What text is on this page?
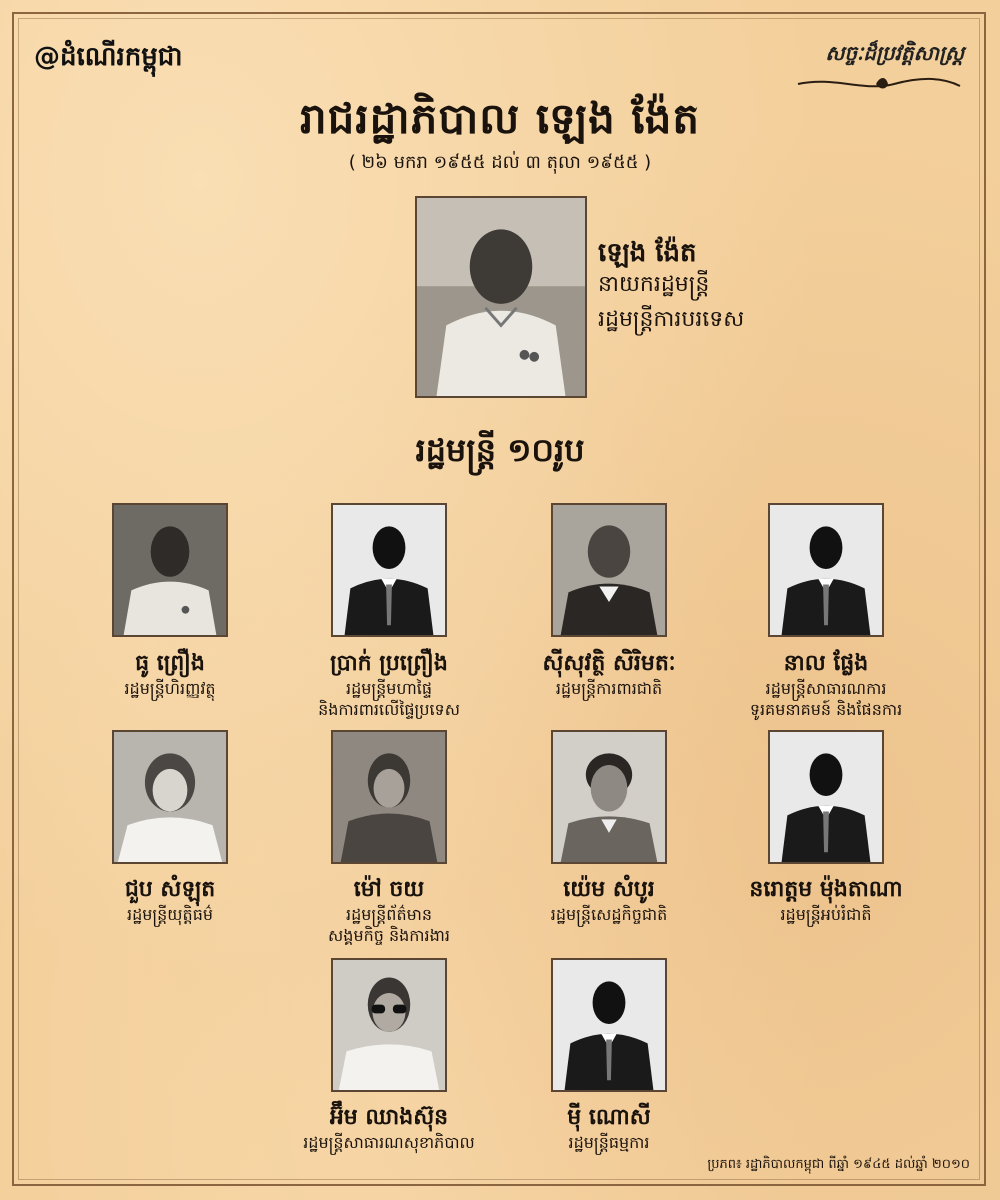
@ដំណើរកម្ពុជា	សច្ចៈដ៏ប្រវត្តិសាស្ត្រ
រាជរដ្ឋាភិបាល ឡេង ង៉ែត
( ២៦ មករា ១៩៥៥ ដល់ ៣ តុលា ១៩៥៥ )
ឡេង ង៉ែត
នាយករដ្ឋមន្ត្រី
រដ្ឋមន្ត្រីការបរទេស
រដ្ឋមន្ត្រី ១០រូប
ធូ ព្រឿង
រដ្ឋមន្ត្រីហិរញ្ញវត្ថុ
ប្រាក់ ប្រព្រឿង
រដ្ឋមន្ត្រីមហាផ្ទៃ
និងការពារលើផ្ទៃប្រទេស
ស៊ីសុវត្ថិ សិរិមតៈ
រដ្ឋមន្ត្រីការពារជាតិ
នាល ផ្លែង
រដ្ឋមន្ត្រីសាធារណការ
ទូរគមនាគមន៍ និងផែនការ
ជួប សំឡុត
រដ្ឋមន្ត្រីយុត្តិធម៌
ម៉ៅ ចយ
រដ្ឋមន្ត្រីព័ត៌មាន
សង្គមកិច្ច និងការងារ
យ៉េម សំបូរ
រដ្ឋមន្ត្រីសេដ្ឋកិច្ចជាតិ
នរោត្តម ម៉ុងតាណា
រដ្ឋមន្ត្រីអប់រំជាតិ
អ៊ឹម ឈាងស៊ុន
រដ្ឋមន្ត្រីសាធារណសុខាភិបាល
ម៉ី ណោសី
រដ្ឋមន្ត្រីធម្មការ
ប្រភព៖ រដ្ឋាភិបាលកម្ពុជា ពីឆ្នាំ ១៩៤៥ ដល់ឆ្នាំ ២០១០
